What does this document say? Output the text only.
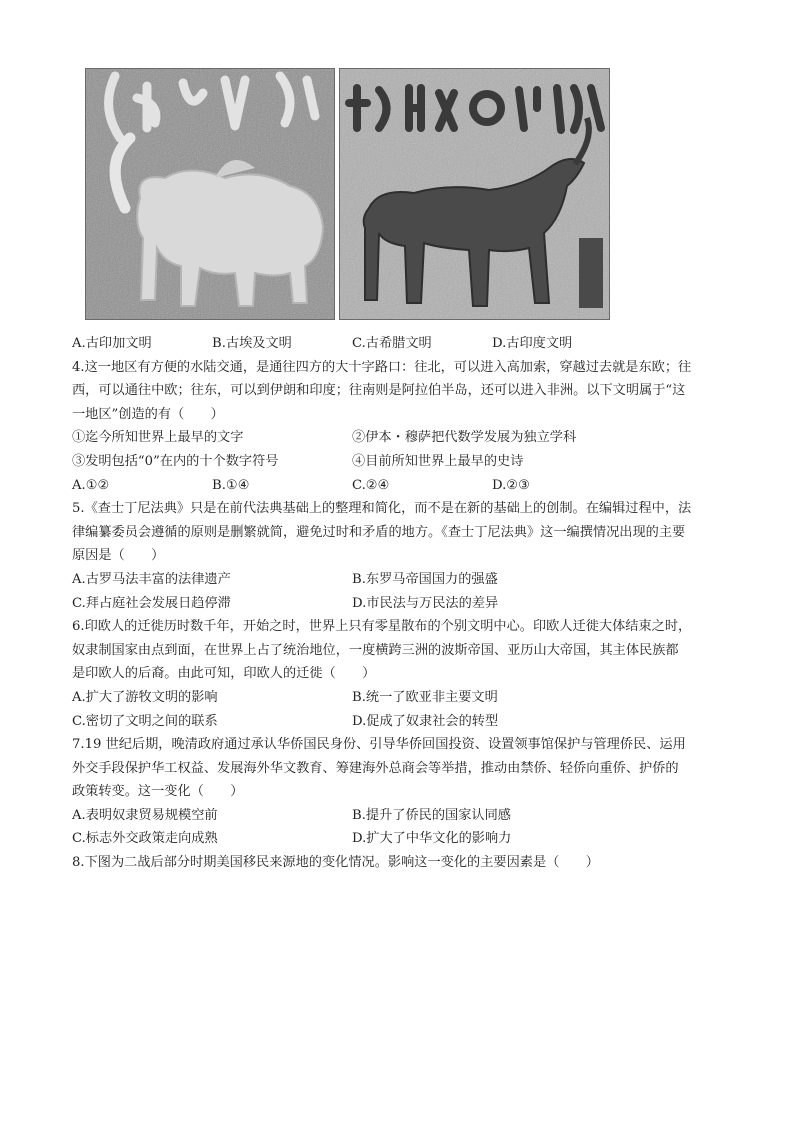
A.古印加文明	B.古埃及文明	C.古希腊文明	D.古印度文明
4.这一地区有方便的水陆交通，是通往四方的大十字路口：往北，可以进入高加索，穿越过去就是东欧；往
西，可以通往中欧；往东，可以到伊朗和印度；往南则是阿拉伯半岛，还可以进入非洲。以下文明属于“这
一地区”创造的有（　　）
①迄今所知世界上最早的文字	②伊本・穆萨把代数学发展为独立学科
③发明包括“0”在内的十个数字符号	④目前所知世界上最早的史诗
A.①②	B.①④	C.②④	D.②③
5.《查士丁尼法典》只是在前代法典基础上的整理和简化，而不是在新的基础上的创制。在编辑过程中，法
律编纂委员会遵循的原则是删繁就简，避免过时和矛盾的地方。《查士丁尼法典》这一编撰情况出现的主要
原因是（　　）
A.古罗马法丰富的法律遗产	B.东罗马帝国国力的强盛
C.拜占庭社会发展日趋停滞	D.市民法与万民法的差异
6.印欧人的迁徙历时数千年，开始之时，世界上只有零星散布的个别文明中心。印欧人迁徙大体结束之时，
奴隶制国家由点到面，在世界上占了统治地位，一度横跨三洲的波斯帝国、亚历山大帝国，其主体民族都
是印欧人的后裔。由此可知，印欧人的迁徙（　　）
A.扩大了游牧文明的影响	B.统一了欧亚非主要文明
C.密切了文明之间的联系	D.促成了奴隶社会的转型
7.19 世纪后期，晚清政府通过承认华侨国民身份、引导华侨回国投资、设置领事馆保护与管理侨民、运用
外交手段保护华工权益、发展海外华文教育、筹建海外总商会等举措，推动由禁侨、轻侨向重侨、护侨的
政策转变。这一变化（　　）
A.表明奴隶贸易规模空前	B.提升了侨民的国家认同感
C.标志外交政策走向成熟	D.扩大了中华文化的影响力
8.下图为二战后部分时期美国移民来源地的变化情况。影响这一变化的主要因素是（　　）
